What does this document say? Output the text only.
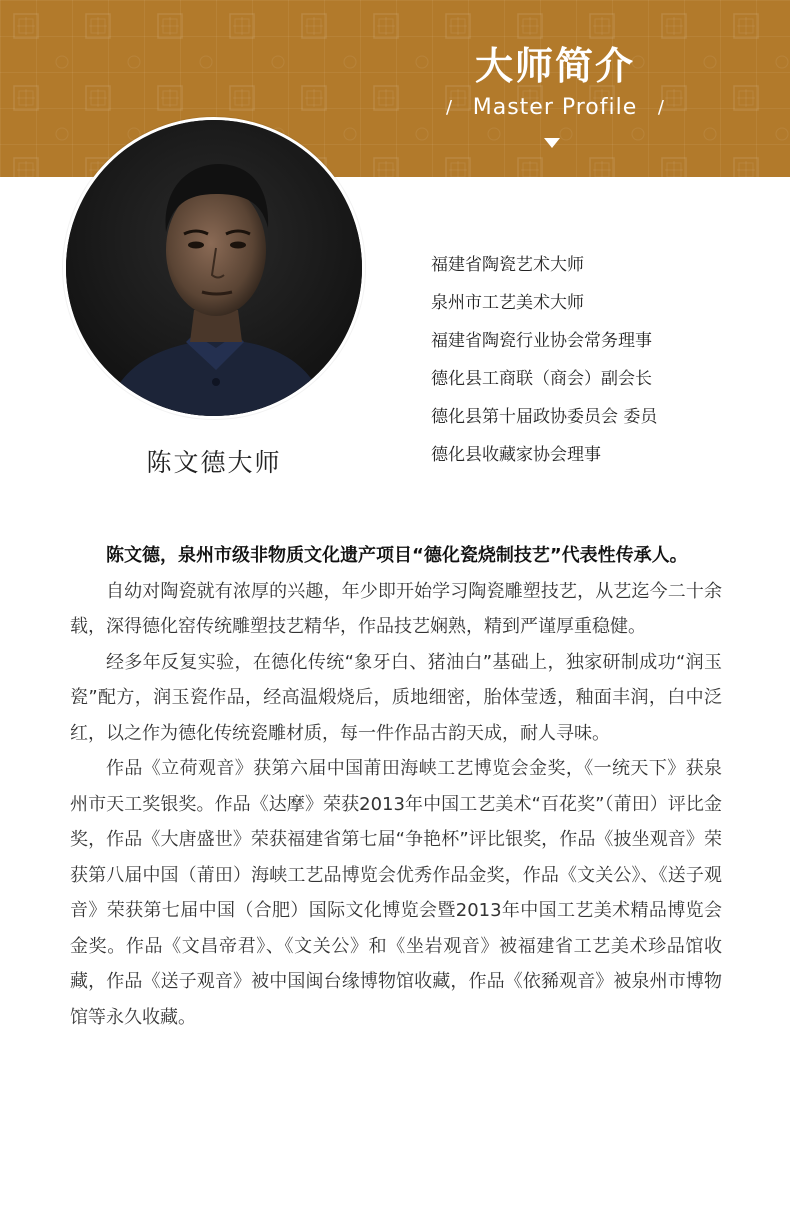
大师简介
/ Master Profile	/
陈文德大师
福建省陶瓷艺术大师
泉州市工艺美术大师
福建省陶瓷行业协会常务理事
德化县工商联（商会）副会长
德化县第十届政协委员会 委员
德化县收藏家协会理事

陈文德，泉州市级非物质文化遗产项目“德化瓷烧制技艺”代表性传承人。

自幼对陶瓷就有浓厚的兴趣，年少即开始学习陶瓷雕塑技艺，从艺迄今二十余载，深得德化窑传统雕塑技艺精华，作品技艺娴熟，精到严谨厚重稳健。

经多年反复实验，在德化传统“象牙白、猪油白”基础上，独家研制成功“润玉瓷”配方，润玉瓷作品，经高温煅烧后，质地细密，胎体莹透，釉面丰润，白中泛红，以之作为德化传统瓷雕材质，每一件作品古韵天成，耐人寻味。

作品《立荷观音》获第六届中国莆田海峡工艺博览会金奖，《一统天下》获泉州市天工奖银奖。作品《达摩》荣获2013年中国工艺美术“百花奖”（莆田）评比金奖，作品《大唐盛世》荣获福建省第七届“争艳杯”评比银奖，作品《披坐观音》荣获第八届中国（莆田）海峡工艺品博览会优秀作品金奖，作品《文关公》、《送子观音》荣获第七届中国（合肥）国际文化博览会暨2013年中国工艺美术精品博览会金奖。作品《文昌帝君》、《文关公》和《坐岩观音》被福建省工艺美术珍品馆收藏，作品《送子观音》被中国闽台缘博物馆收藏，作品《依豨观音》被泉州市博物馆等永久收藏。
